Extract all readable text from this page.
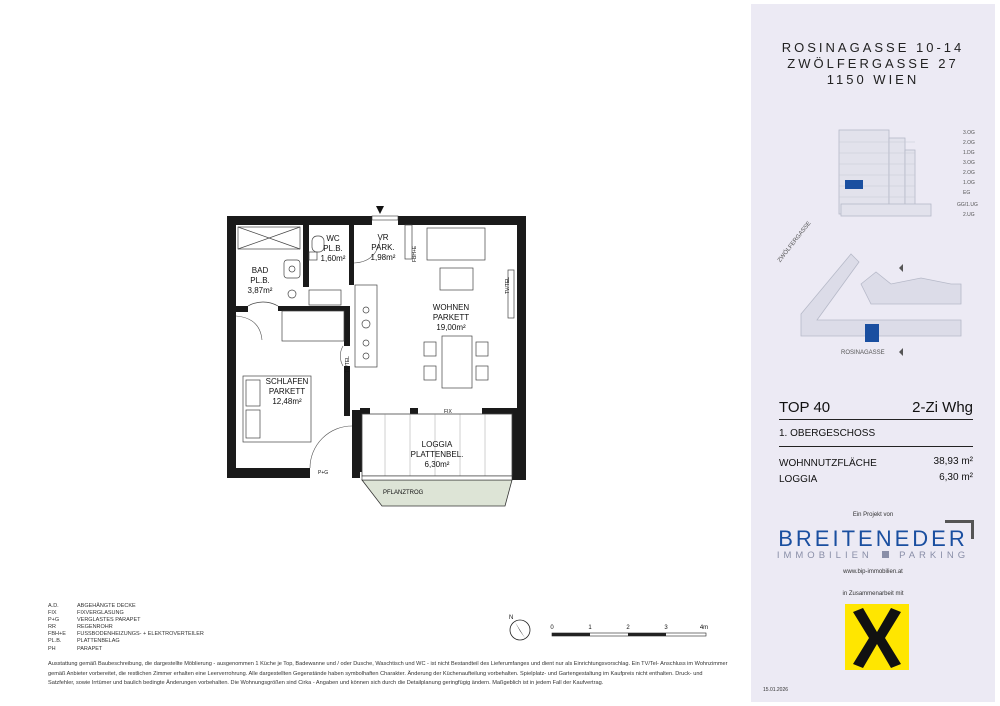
BAD
PL.B.
3,87m²
WC
PL.B.
1,60m²
VR
PARK.
1,98m²
WOHNEN
PARKETT
19,00m²
SCHLAFEN
PARKETT
12,48m²
LOGGIA
PLATTENBEL.
6,30m²
FBH+E
TV/TEL
TV/TEL
FIX
P+G
PFLANZTROG
N
0	1	2	3	4m
A.D.	ABGEHÄNGTE DECKE
FIX	FIXVERGLASUNG
P+G	VERGLASTES PARAPET
RR	REGENROHR
FBH+E FUSSBODENHEIZUNGS- + ELEKTROVERTEILER
PL.B.	PLATTENBELAG
PH	PARAPET
Ausstattung gemäß Baubeschreibung, die dargestellte Möblierung - ausgenommen 1 Küche je Top, Badewanne und / oder Dusche, Waschtisch und WC - ist nicht Bestandteil des Lieferumfanges und dient nur als Einrichtungsvorschlag. Ein TV/Tel- Anschluss im Wohnzimmer gemäß Anbieter vorbereitet, die restlichen Zimmer erhalten eine Leerverrohrung. Alle dargestellten Gegenstände haben symbolhaften Charakter. Änderung der Küchenaufteilung vorbehalten. Spielplatz- und Gartengestaltung im Kaufpreis nicht enthalten. Druck- und Satzfehler, sowie Irrtümer und baulich bedingte Änderungen vorbehalten. Die Wohnungsgrößen sind Cirka - Angaben und können sich durch die Detailplanung geringfügig ändern. Maßgeblich ist in jedem Fall der Kaufvertrag.
ROSINAGASSE 10-14
ZWÖLFERGASSE 27
1150 WIEN
3.OG
2.OG
1.DG
3.OG
2.OG
1.OG
EG
GG/1.UG
2.UG
ZWÖLFERGASSE
ROSINAGASSE
TOP 40	2-Zi Whg
1. OBERGESCHOSS
WOHNNUTZFLÄCHE	38,93 m²
LOGGIA	6,30 m²
Ein Projekt von
BREITENEDER
IMMOBILIEN	PARKING
www.bip-immobilien.at
in Zusammenarbeit mit
15.01.2026
